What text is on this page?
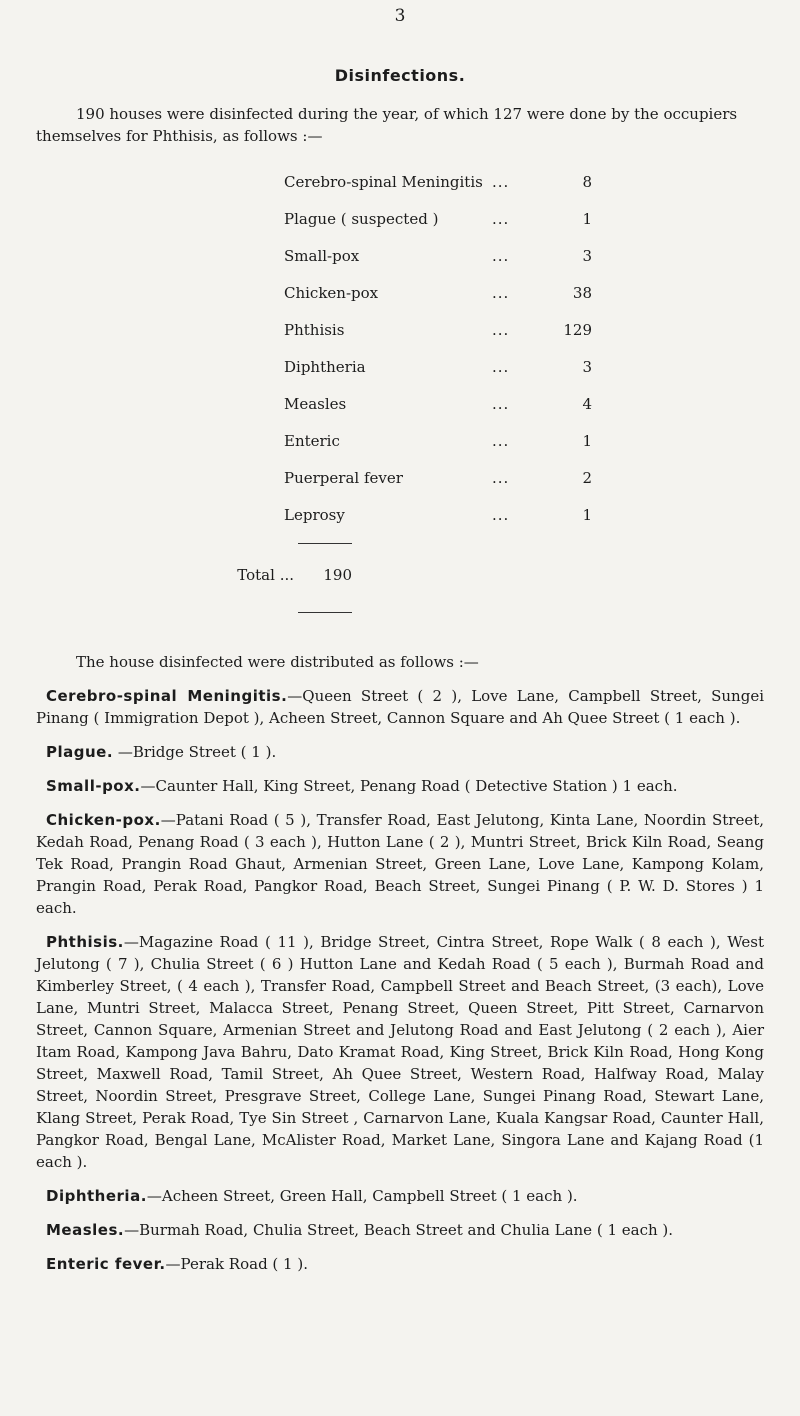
3
Disinfections.
190 houses were disinfected during the year, of which 127 were done by the occupiers themselves for Phthisis, as follows :—
Cerebro-spinal Meningitis ...	8
Plague ( suspected )	...	1
Small-pox	...	3
Chicken-pox	...	38
Phthisis	...	129
Diphtheria	...	3
Measles	...	4
Enteric	...	1
Puerperal fever	...	2
Leprosy	...	1
Total ...	190
The house disinfected were distributed as follows :—
Cerebro-spinal Meningitis.—Queen Street ( 2 ), Love Lane, Campbell Street, Sungei Pinang ( Immigration Depot ), Acheen Street, Cannon Square and Ah Quee Street ( 1 each ).
Plague. —Bridge Street ( 1 ).
Small-pox.—Caunter Hall, King Street, Penang Road ( Detective Station ) 1 each.
Chicken-pox.—Patani Road ( 5 ), Transfer Road, East Jelutong, Kinta Lane, Noordin Street, Kedah Road, Penang Road ( 3 each ), Hutton Lane ( 2 ), Muntri Street, Brick Kiln Road, Seang Tek Road, Prangin Road Ghaut, Armenian Street, Green Lane, Love Lane, Kampong Kolam, Prangin Road, Perak Road, Pangkor Road, Beach Street, Sungei Pinang ( P. W. D. Stores ) 1 each.
Phthisis.—Magazine Road ( 11 ), Bridge Street, Cintra Street, Rope Walk ( 8 each ), West Jelutong ( 7 ), Chulia Street ( 6 ) Hutton Lane and Kedah Road ( 5 each ), Burmah Road and Kimberley Street, ( 4 each ), Transfer Road, Campbell Street and Beach Street, (3 each), Love Lane, Muntri Street, Malacca Street, Penang Street, Queen Street, Pitt Street, Carnarvon Street, Cannon Square, Armenian Street and Jelutong Road and East Jelutong ( 2 each ), Aier Itam Road, Kampong Java Bahru, Dato Kramat Road, King Street, Brick Kiln Road, Hong Kong Street, Maxwell Road, Tamil Street, Ah Quee Street, Western Road, Halfway Road, Malay Street, Noordin Street, Presgrave Street, College Lane, Sungei Pinang Road, Stewart Lane, Klang Street, Perak Road, Tye Sin Street , Carnarvon Lane, Kuala Kangsar Road, Caunter Hall, Pangkor Road, Bengal Lane, McAlister Road, Market Lane, Singora Lane and Kajang Road (1 each ).
Diphtheria.—Acheen Street, Green Hall, Campbell Street ( 1 each ).
Measles.—Burmah Road, Chulia Street, Beach Street and Chulia Lane ( 1 each ).
Enteric fever.—Perak Road ( 1 ).
